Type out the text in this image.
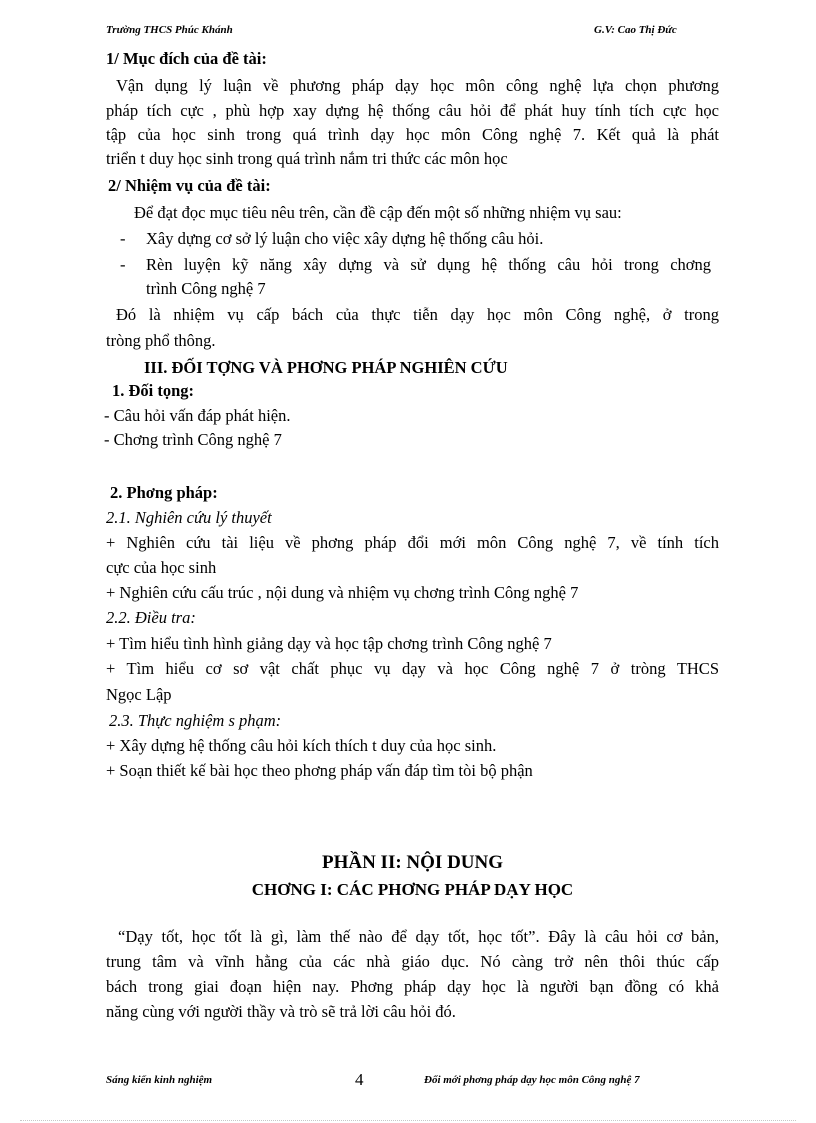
Trường THCS Phúc Khánh	G.V: Cao Thị Đức
1/ Mục đích của đề tài:
Vận dụng lý luận về phương pháp dạy học môn công nghệ lựa chọn phương
pháp tích cực , phù hợp xay dựng hệ thống câu hỏi để phát huy tính tích cực học
tập của học sinh trong quá trình dạy học môn Công nghệ 7. Kết quả là phát
triển t duy học sinh trong quá trình nắm tri thức các môn học
2/ Nhiệm vụ của đề tài:
Để đạt đọc mục tiêu nêu trên, cần đề cập đến một số những nhiệm vụ sau:
- Xây dựng cơ sở lý luận cho việc xây dựng hệ thống câu hỏi.
- Rèn luyện kỹ năng xây dựng và sử dụng hệ thống câu hỏi trong chơng
trình Công nghệ 7
Đó là nhiệm vụ cấp bách của thực tiễn dạy học môn Công nghệ, ở trong
tròng phổ thông.
III. ĐỐI TỢNG VÀ PHƠNG PHÁP NGHIÊN CỨU
1. Đối tọng:
- Câu hỏi vấn đáp phát hiện.
- Chơng trình Công nghệ 7
2. Phơng pháp:
2.1. Nghiên cứu lý thuyết
+ Nghiên cứu tài liệu về phơng pháp đổi mới môn Công nghệ 7, về tính tích
cực của học sinh
+ Nghiên cứu cấu trúc , nội dung và nhiệm vụ chơng trình Công nghệ 7
2.2. Điều tra:
+ Tìm hiểu tình hình giảng dạy và học tập chơng trình Công nghệ 7
+ Tìm hiểu cơ sơ vật chất phục vụ dạy và học Công nghệ 7 ở tròng THCS
Ngọc Lập
2.3. Thực nghiệm s phạm:
+ Xây dựng hệ thống câu hỏi kích thích t duy của học sinh.
+ Soạn thiết kế bài học theo phơng pháp vấn đáp tìm tòi bộ phận
PHẦN II: NỘI DUNG
CHƠNG I: CÁC PHƠNG PHÁP DẠY HỌC
“Dạy tốt, học tốt là gì, làm thế nào để dạy tốt, học tốt”. Đây là câu hỏi cơ bản,
trung tâm và vĩnh hằng của các nhà giáo dục. Nó càng trở nên thôi thúc cấp
bách trong giai đoạn hiện nay. Phơng pháp dạy học là người bạn đồng có khả
năng cùng với người thầy và trò sẽ trả lời câu hỏi đó.
Sáng kiến kinh nghiệm	4	Đổi mới phơng pháp dạy học môn Công nghệ 7
